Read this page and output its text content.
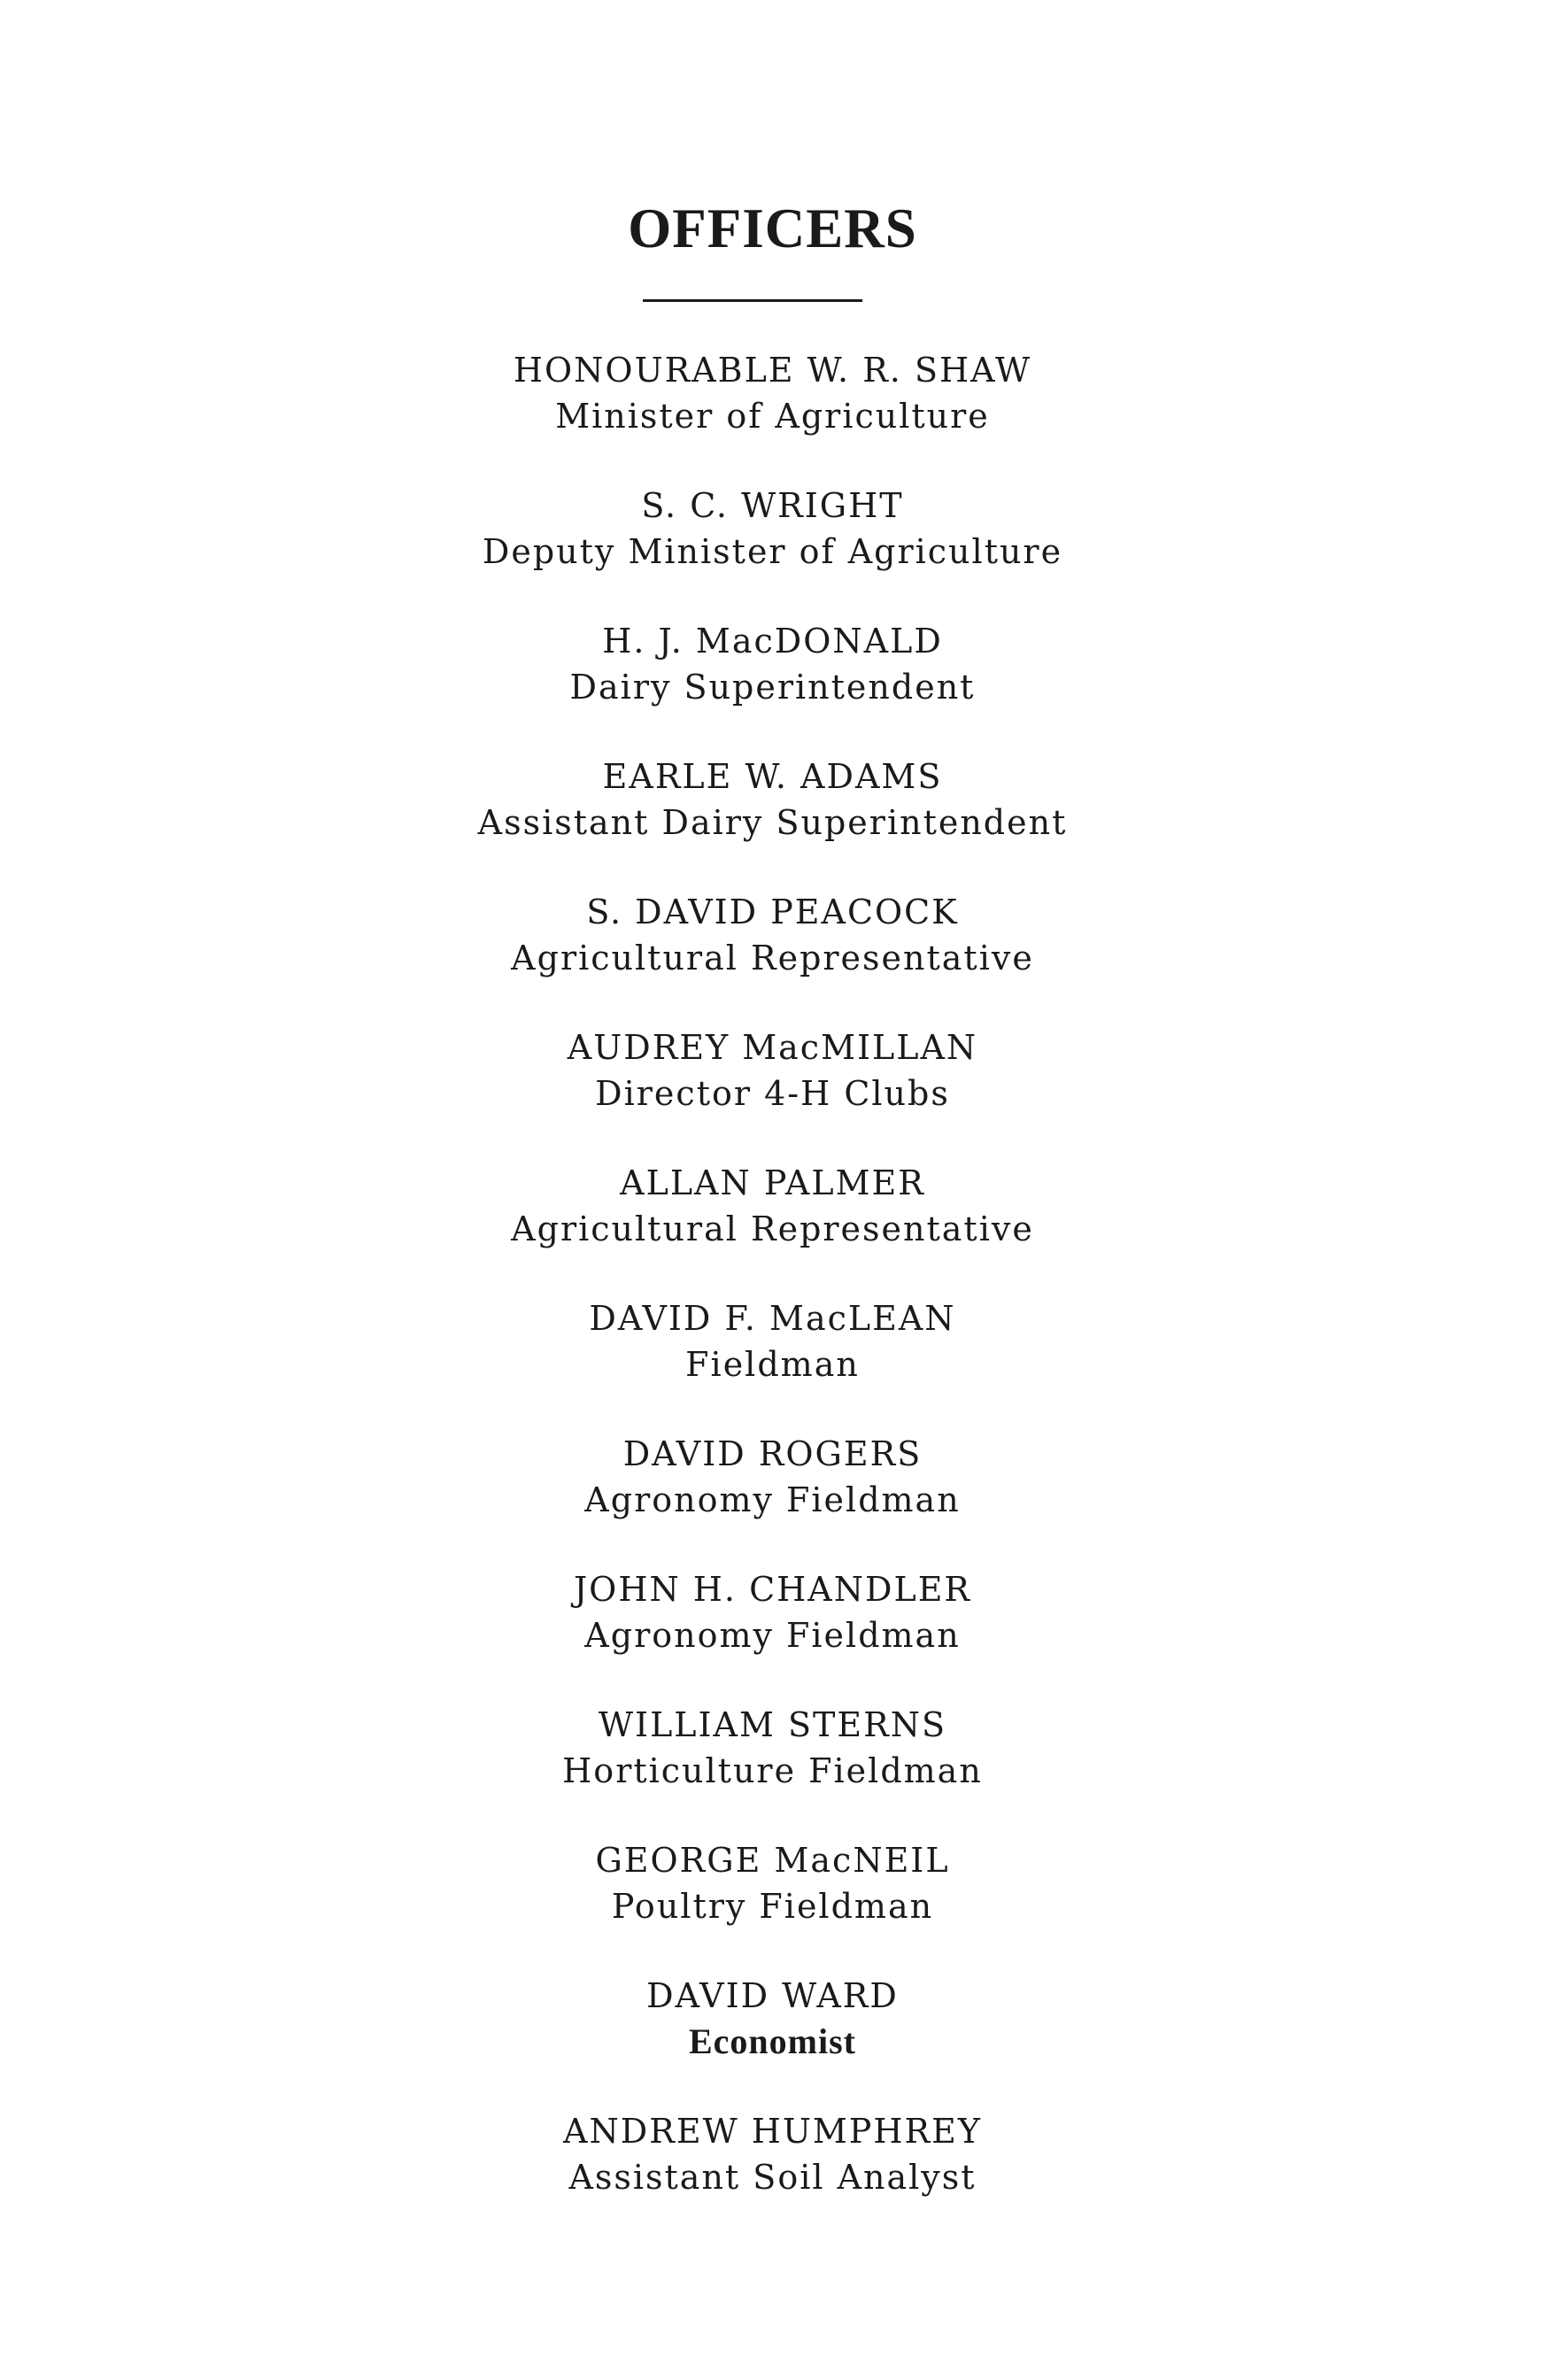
OFFICERS
HONOURABLE W. R. SHAW
Minister of Agriculture
S. C. WRIGHT
Deputy Minister of Agriculture
H. J. MacDONALD
Dairy Superintendent
EARLE W. ADAMS
Assistant Dairy Superintendent
S. DAVID PEACOCK
Agricultural Representative
AUDREY MacMILLAN
Director 4-H Clubs
ALLAN PALMER
Agricultural Representative
DAVID F. MacLEAN
Fieldman
DAVID ROGERS
Agronomy Fieldman
JOHN H. CHANDLER
Agronomy Fieldman
WILLIAM STERNS
Horticulture Fieldman
GEORGE MacNEIL
Poultry Fieldman
DAVID WARD
Economist
ANDREW HUMPHREY
Assistant Soil Analyst
